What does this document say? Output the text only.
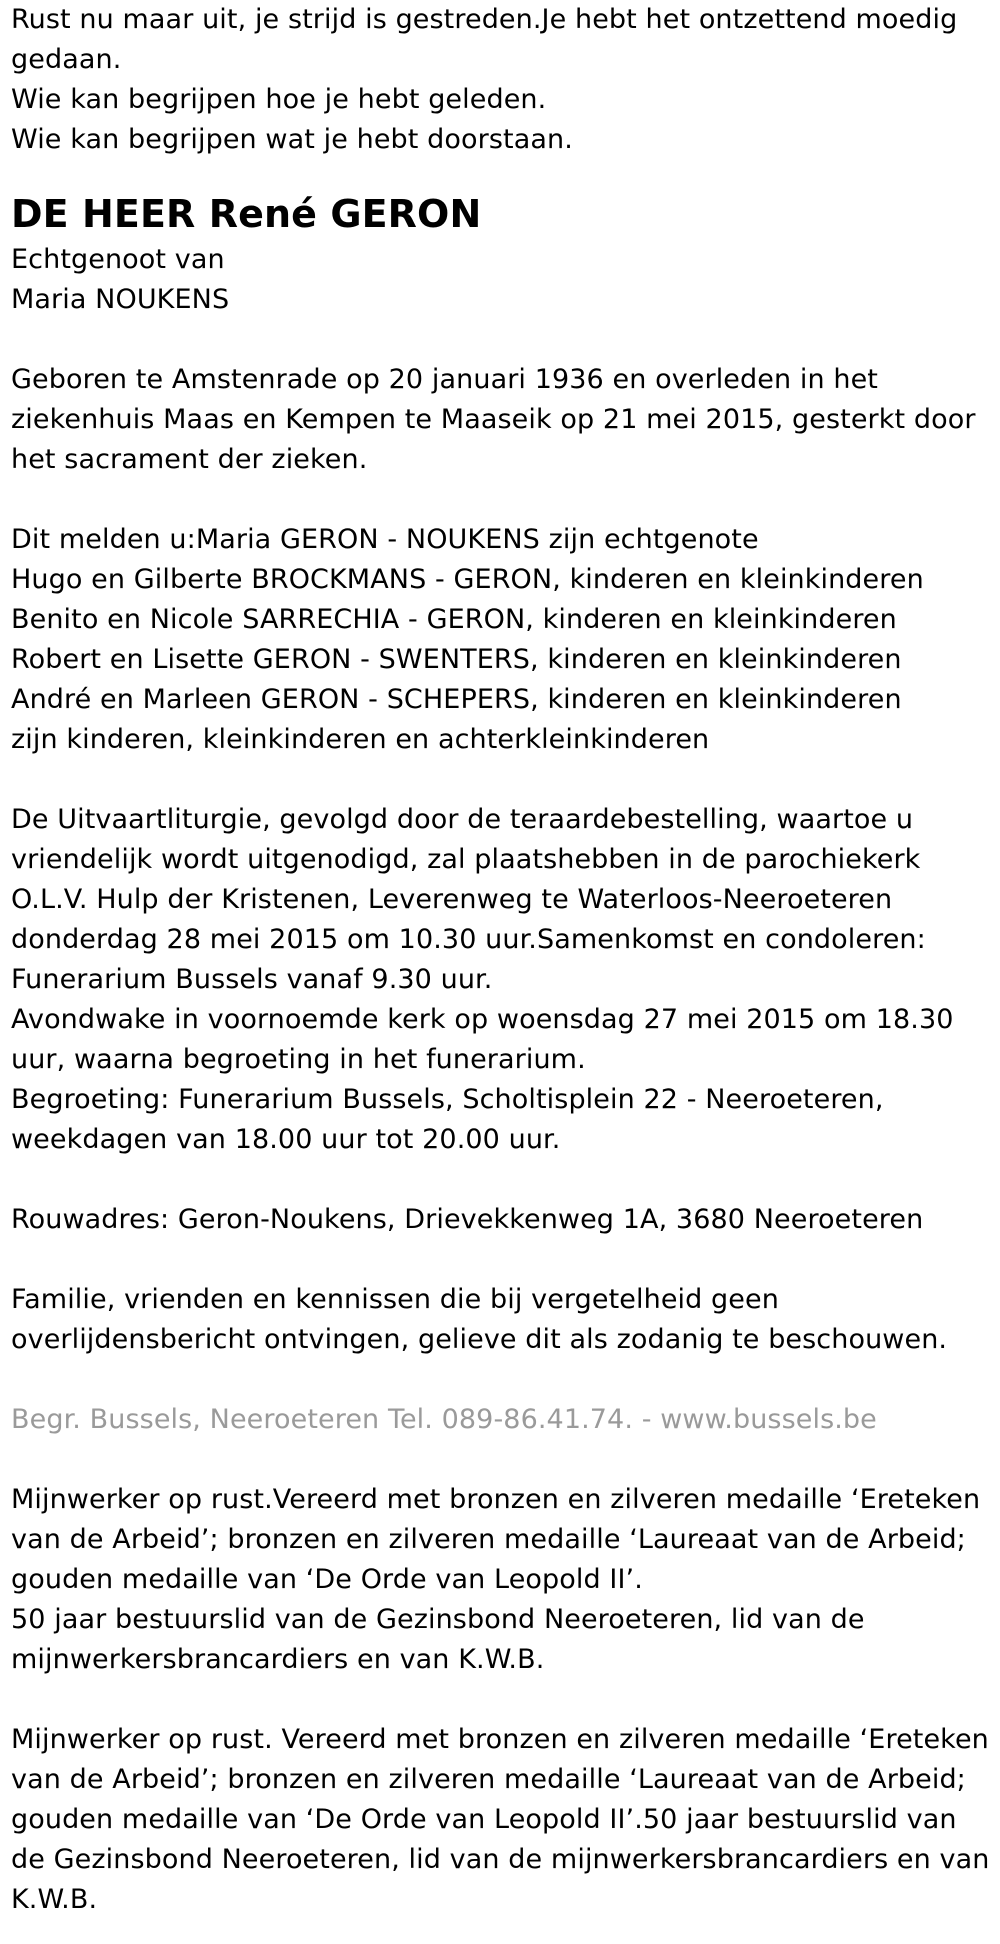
Rust nu maar uit, je strijd is gestreden.Je hebt het ontzettend moedig gedaan.

Wie kan begrijpen hoe je hebt geleden.

Wie kan begrijpen wat je hebt doorstaan.

DE HEER René GERON

Echtgenoot van

Maria NOUKENS

Geboren te Amstenrade op 20 januari 1936 en overleden in het ziekenhuis Maas en Kempen te Maaseik op 21 mei 2015, gesterkt door het sacrament der zieken.

Dit melden u:Maria GERON - NOUKENS zijn echtgenote

Hugo en Gilberte BROCKMANS - GERON, kinderen en kleinkinderen

Benito en Nicole SARRECHIA - GERON, kinderen en kleinkinderen

Robert en Lisette GERON - SWENTERS, kinderen en kleinkinderen

André en Marleen GERON - SCHEPERS, kinderen en kleinkinderen

zijn kinderen, kleinkinderen en achterkleinkinderen

De Uitvaartliturgie, gevolgd door de teraardebestelling, waartoe u vriendelijk wordt uitgenodigd, zal plaatshebben in de parochiekerk O.L.V. Hulp der Kristenen, Leverenweg te Waterloos-Neeroeteren donderdag 28 mei 2015 om 10.30 uur.Samenkomst en condoleren: Funerarium Bussels vanaf 9.30 uur.

Avondwake in voornoemde kerk op woensdag 27 mei 2015 om 18.30 uur, waarna begroeting in het funerarium.

Begroeting: Funerarium Bussels, Scholtisplein 22 - Neeroeteren, weekdagen van 18.00 uur tot 20.00 uur.

Rouwadres: Geron-Noukens, Drievekkenweg 1A, 3680 Neeroeteren

Familie, vrienden en kennissen die bij vergetelheid geen overlijdensbericht ontvingen, gelieve dit als zodanig te beschouwen.

Begr. Bussels, Neeroeteren Tel. 089-86.41.74. - www.bussels.be

Mijnwerker op rust.Vereerd met bronzen en zilveren medaille ‘Ereteken van de Arbeid’; bronzen en zilveren medaille ‘Laureaat van de Arbeid; gouden medaille van ‘De Orde van Leopold II’.

50 jaar bestuurslid van de Gezinsbond Neeroeteren, lid van de mijnwerkersbrancardiers en van K.W.B.

Mijnwerker op rust. Vereerd met bronzen en zilveren medaille ‘Ereteken van de Arbeid’; bronzen en zilveren medaille ‘Laureaat van de Arbeid; gouden medaille van ‘De Orde van Leopold II’.50 jaar bestuurslid van de Gezinsbond Neeroeteren, lid van de mijnwerkersbrancardiers en van K.W.B.
